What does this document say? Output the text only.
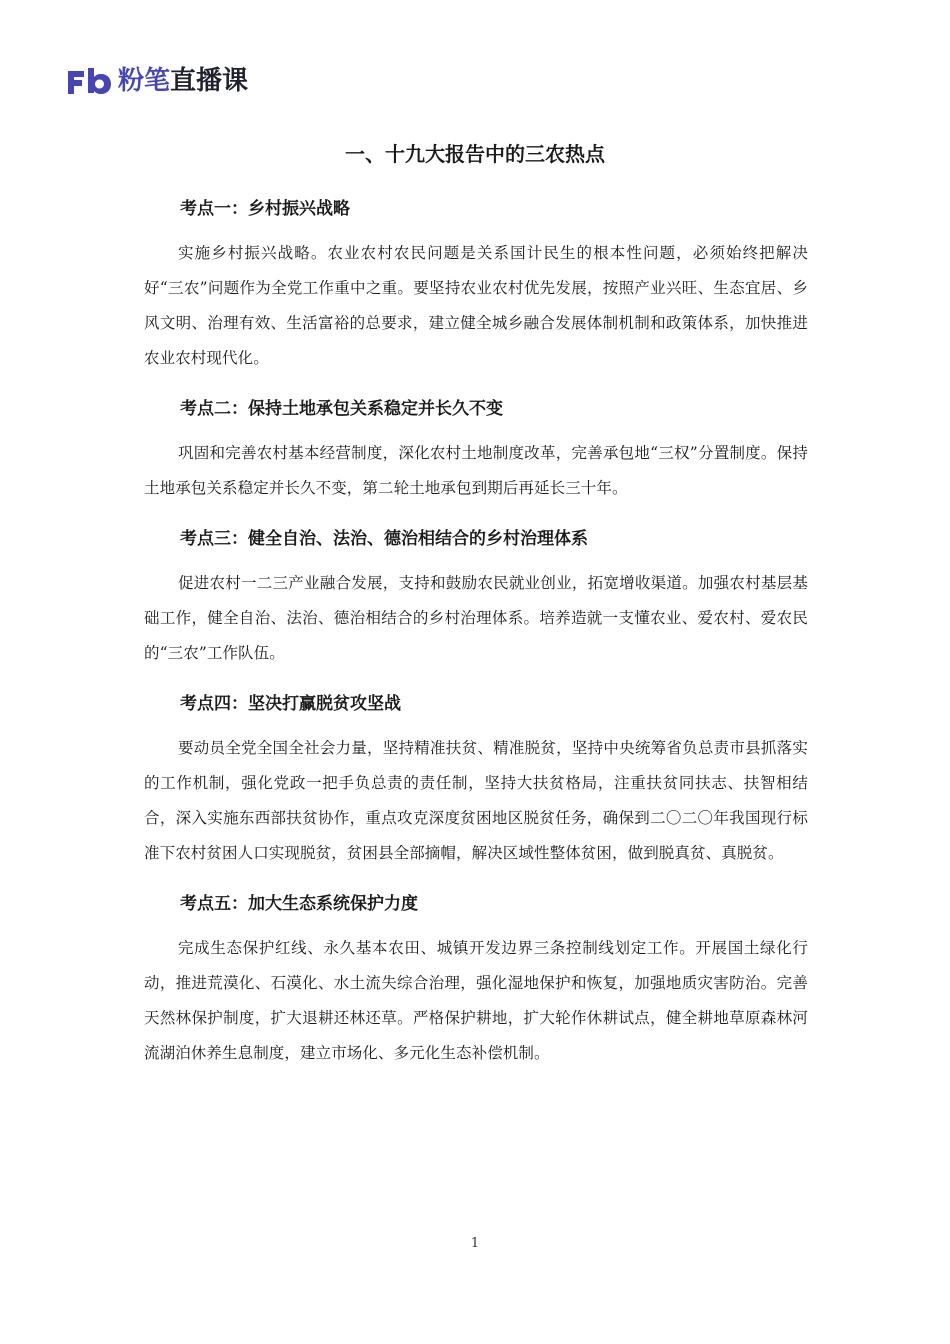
粉笔直播课
一、十九大报告中的三农热点
考点一：乡村振兴战略

实施乡村振兴战略。农业农村农民问题是关系国计民生的根本性问题，必须始终把解决好“三农”问题作为全党工作重中之重。要坚持农业农村优先发展，按照产业兴旺、生态宜居、乡风文明、治理有效、生活富裕的总要求，建立健全城乡融合发展体制机制和政策体系，加快推进农业农村现代化。

考点二：保持土地承包关系稳定并长久不变

巩固和完善农村基本经营制度，深化农村土地制度改革，完善承包地“三权”分置制度。保持土地承包关系稳定并长久不变，第二轮土地承包到期后再延长三十年。

考点三：健全自治、法治、德治相结合的乡村治理体系

促进农村一二三产业融合发展，支持和鼓励农民就业创业，拓宽增收渠道。加强农村基层基础工作，健全自治、法治、德治相结合的乡村治理体系。培养造就一支懂农业、爱农村、爱农民的“三农”工作队伍。

考点四：坚决打赢脱贫攻坚战

要动员全党全国全社会力量，坚持精准扶贫、精准脱贫，坚持中央统筹省负总责市县抓落实的工作机制，强化党政一把手负总责的责任制，坚持大扶贫格局，注重扶贫同扶志、扶智相结合，深入实施东西部扶贫协作，重点攻克深度贫困地区脱贫任务，确保到二〇二〇年我国现行标准下农村贫困人口实现脱贫，贫困县全部摘帽，解决区域性整体贫困，做到脱真贫、真脱贫。

考点五：加大生态系统保护力度

完成生态保护红线、永久基本农田、城镇开发边界三条控制线划定工作。开展国土绿化行动，推进荒漠化、石漠化、水土流失综合治理，强化湿地保护和恢复，加强地质灾害防治。完善天然林保护制度，扩大退耕还林还草。严格保护耕地，扩大轮作休耕试点，健全耕地草原森林河流湖泊休养生息制度，建立市场化、多元化生态补偿机制。

1
